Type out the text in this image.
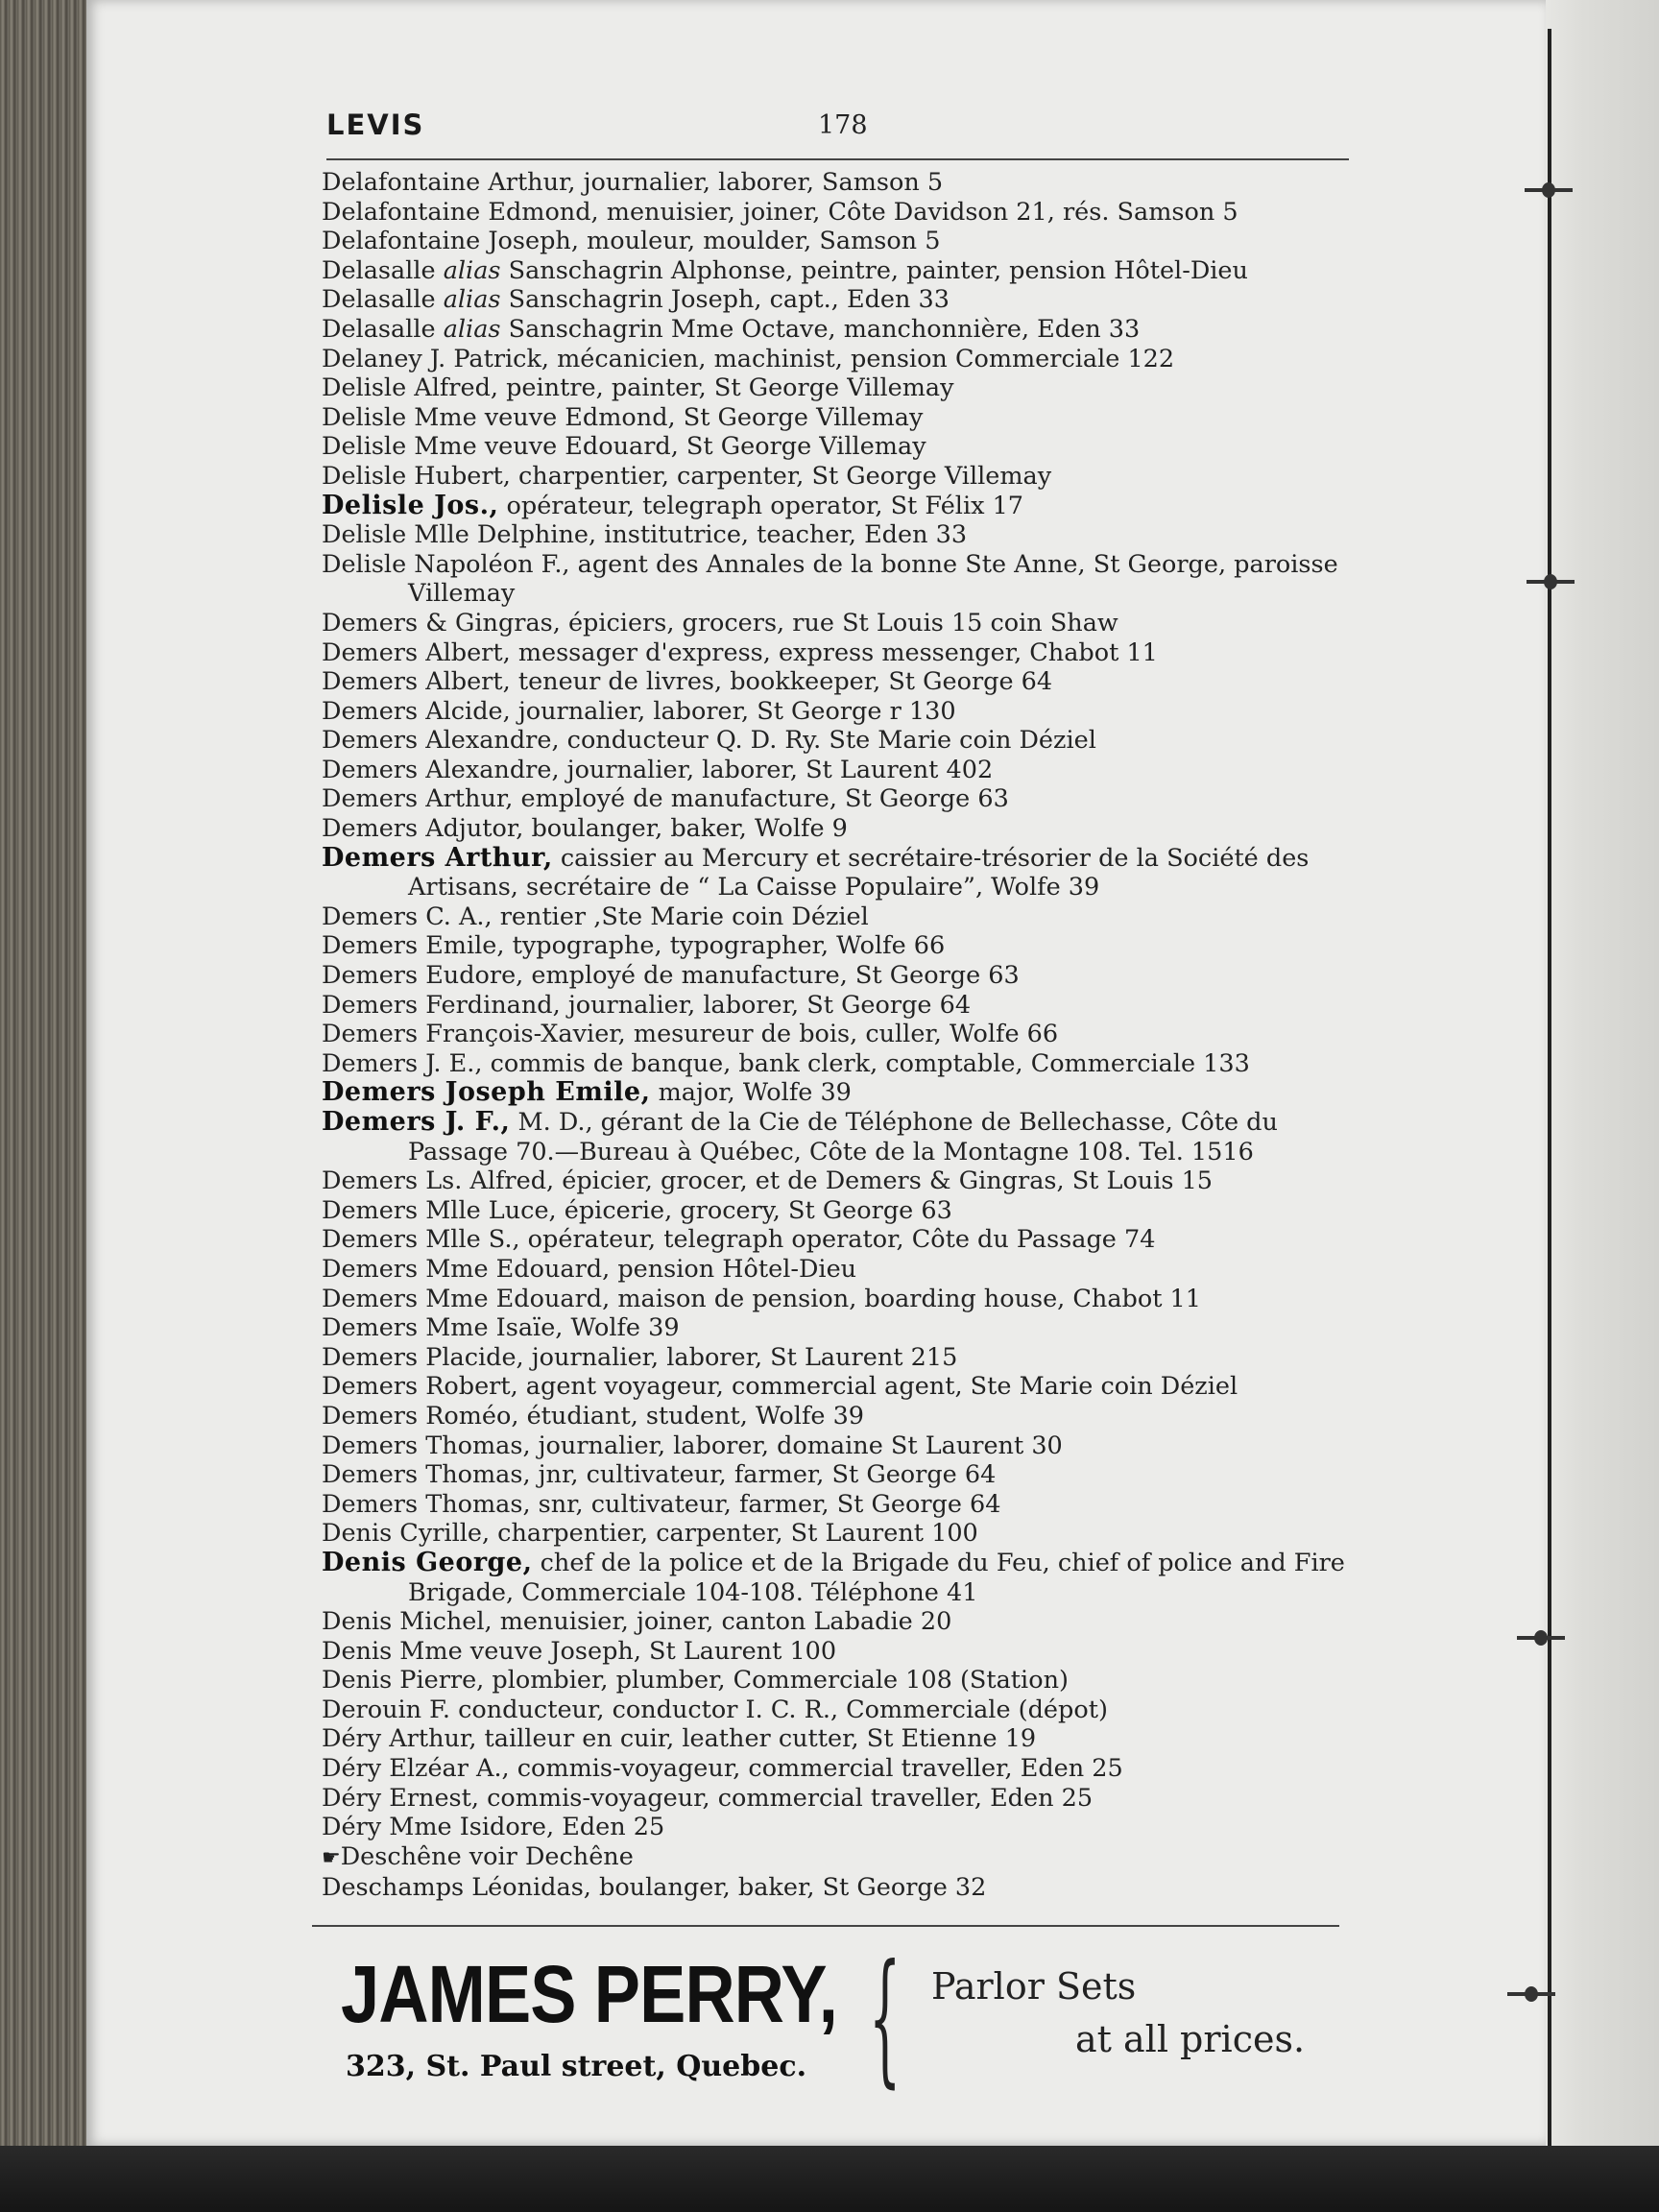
LEVIS	178
Delafontaine Arthur, journalier, laborer, Samson 5
Delafontaine Edmond, menuisier, joiner, Côte Davidson 21, rés. Samson 5
Delafontaine Joseph, mouleur, moulder, Samson 5
Delasalle alias Sanschagrin Alphonse, peintre, painter, pension Hôtel-Dieu
Delasalle alias Sanschagrin Joseph, capt., Eden 33
Delasalle alias Sanschagrin Mme Octave, manchonnière, Eden 33
Delaney J. Patrick, mécanicien, machinist, pension Commerciale 122
Delisle Alfred, peintre, painter, St George Villemay
Delisle Mme veuve Edmond, St George Villemay
Delisle Mme veuve Edouard, St George Villemay
Delisle Hubert, charpentier, carpenter, St George Villemay
Delisle Jos., opérateur, telegraph operator, St Félix 17
Delisle Mlle Delphine, institutrice, teacher, Eden 33
Delisle Napoléon F., agent des Annales de la bonne Ste Anne, St George, paroisse Villemay
Demers & Gingras, épiciers, grocers, rue St Louis 15 coin Shaw
Demers Albert, messager d'express, express messenger, Chabot 11
Demers Albert, teneur de livres, bookkeeper, St George 64
Demers Alcide, journalier, laborer, St George r 130
Demers Alexandre, conducteur Q. D. Ry. Ste Marie coin Déziel
Demers Alexandre, journalier, laborer, St Laurent 402
Demers Arthur, employé de manufacture, St George 63
Demers Adjutor, boulanger, baker, Wolfe 9
Demers Arthur, caissier au Mercury et secrétaire-trésorier de la Société des Artisans, secrétaire de “ La Caisse Populaire”, Wolfe 39
Demers C. A., rentier ,Ste Marie coin Déziel
Demers Emile, typographe, typographer, Wolfe 66
Demers Eudore, employé de manufacture, St George 63
Demers Ferdinand, journalier, laborer, St George 64
Demers François-Xavier, mesureur de bois, culler, Wolfe 66
Demers J. E., commis de banque, bank clerk, comptable, Commerciale 133
Demers Joseph Emile, major, Wolfe 39
Demers J. F., M. D., gérant de la Cie de Téléphone de Bellechasse, Côte du Passage 70.—Bureau à Québec, Côte de la Montagne 108. Tel. 1516
Demers Ls. Alfred, épicier, grocer, et de Demers & Gingras, St Louis 15
Demers Mlle Luce, épicerie, grocery, St George 63
Demers Mlle S., opérateur, telegraph operator, Côte du Passage 74
Demers Mme Edouard, pension Hôtel-Dieu
Demers Mme Edouard, maison de pension, boarding house, Chabot 11
Demers Mme Isaïe, Wolfe 39
Demers Placide, journalier, laborer, St Laurent 215
Demers Robert, agent voyageur, commercial agent, Ste Marie coin Déziel
Demers Roméo, étudiant, student, Wolfe 39
Demers Thomas, journalier, laborer, domaine St Laurent 30
Demers Thomas, jnr, cultivateur, farmer, St George 64
Demers Thomas, snr, cultivateur, farmer, St George 64
Denis Cyrille, charpentier, carpenter, St Laurent 100
Denis George, chef de la police et de la Brigade du Feu, chief of police and Fire Brigade, Commerciale 104-108. Téléphone 41
Denis Michel, menuisier, joiner, canton Labadie 20
Denis Mme veuve Joseph, St Laurent 100
Denis Pierre, plombier, plumber, Commerciale 108 (Station)
Derouin F. conducteur, conductor I. C. R., Commerciale (dépot)
Déry Arthur, tailleur en cuir, leather cutter, St Etienne 19
Déry Elzéar A., commis-voyageur, commercial traveller, Eden 25
Déry Ernest, commis-voyageur, commercial traveller, Eden 25
Déry Mme Isidore, Eden 25
☛Deschêne voir Dechêne
Deschamps Léonidas, boulanger, baker, St George 32
JAMES PERRY,
323, St. Paul street, Quebec. { Parlor Sets
at all prices.
